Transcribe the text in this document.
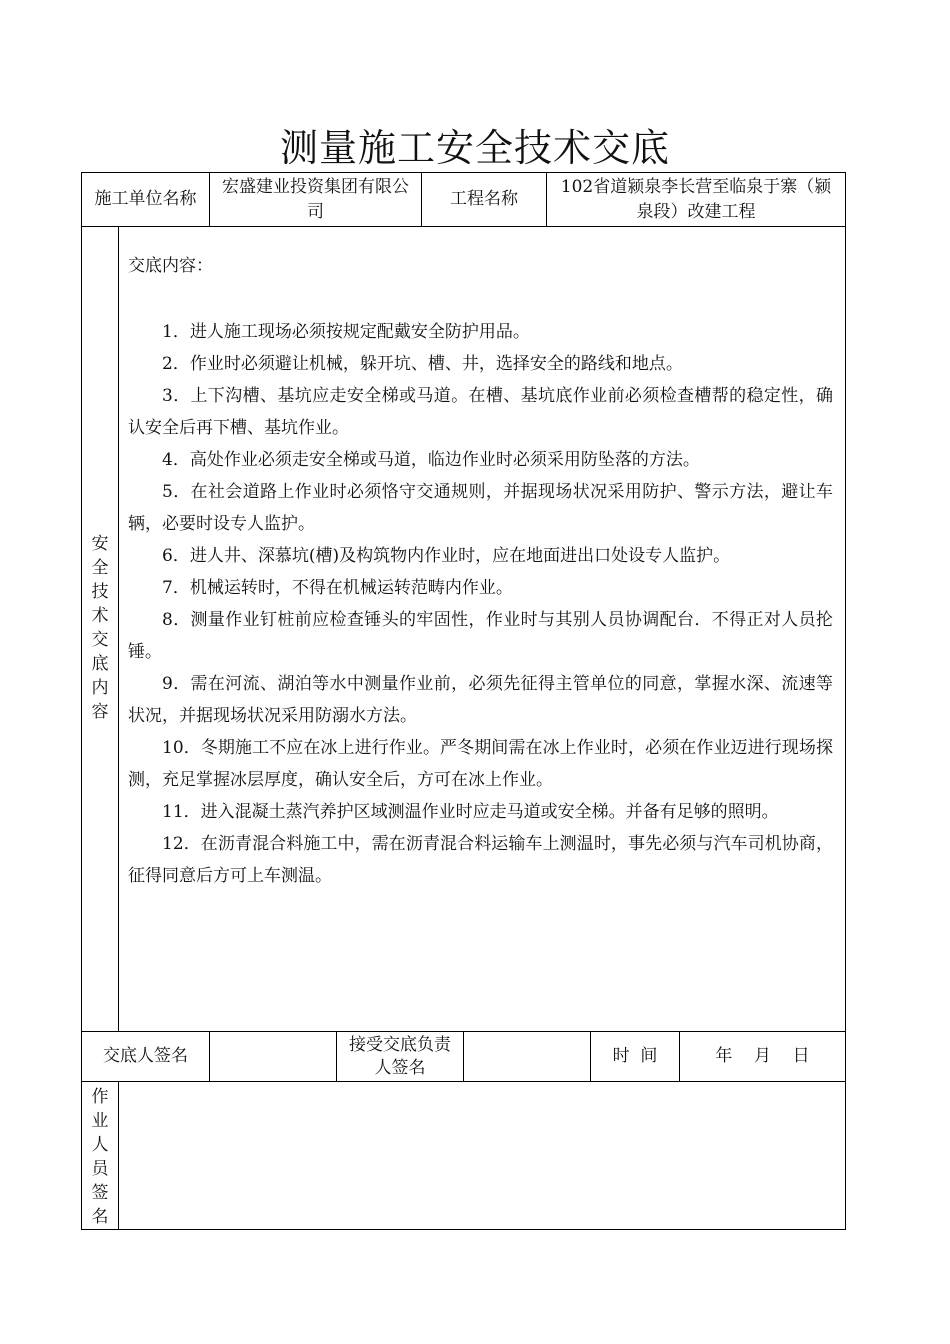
测量施工安全技术交底
施工单位名称
宏盛建业投资集团有限公司
工程名称
102省道颍泉李长营至临泉于寨（颍泉段）改建工程
安
全
技
术
交
底
内
容
交底内容：

1．进人施工现场必须按规定配戴安全防护用品。

2．作业时必须避让机械，躲开坑、槽、井，选择安全的路线和地点。

3．上下沟槽、基坑应走安全梯或马道。在槽、基坑底作业前必须检查槽帮的稳定性，确认安全后再下槽、基坑作业。

4．高处作业必须走安全梯或马道，临边作业时必须采用防坠落的方法。

5．在社会道路上作业时必须恪守交通规则，并据现场状况采用防护、警示方法，避让车辆，必要时设专人监护。

6．进人井、深慕坑(槽)及构筑物内作业时，应在地面进出口处设专人监护。

7．机械运转时，不得在机械运转范畴内作业。

8．测量作业钉桩前应检查锤头的牢固性，作业时与其别人员协调配台．不得正对人员抡锤。

9．需在河流、湖泊等水中测量作业前，必须先征得主管单位的同意，掌握水深、流速等状况，并据现场状况采用防溺水方法。

10．冬期施工不应在冰上进行作业。严冬期间需在冰上作业时，必须在作业迈进行现场探测，充足掌握冰层厚度，确认安全后，方可在冰上作业。

11．进入混凝土蒸汽养护区域测温作业时应走马道或安全梯。并备有足够的照明。

12．在沥青混合料施工中，需在沥青混合料运输车上测温时，事先必须与汽车司机协商，征得同意后方可上车测温。

交底人签名
接受交底负责人签名
时  间	年    月    日
作
业
人
员
签
名
